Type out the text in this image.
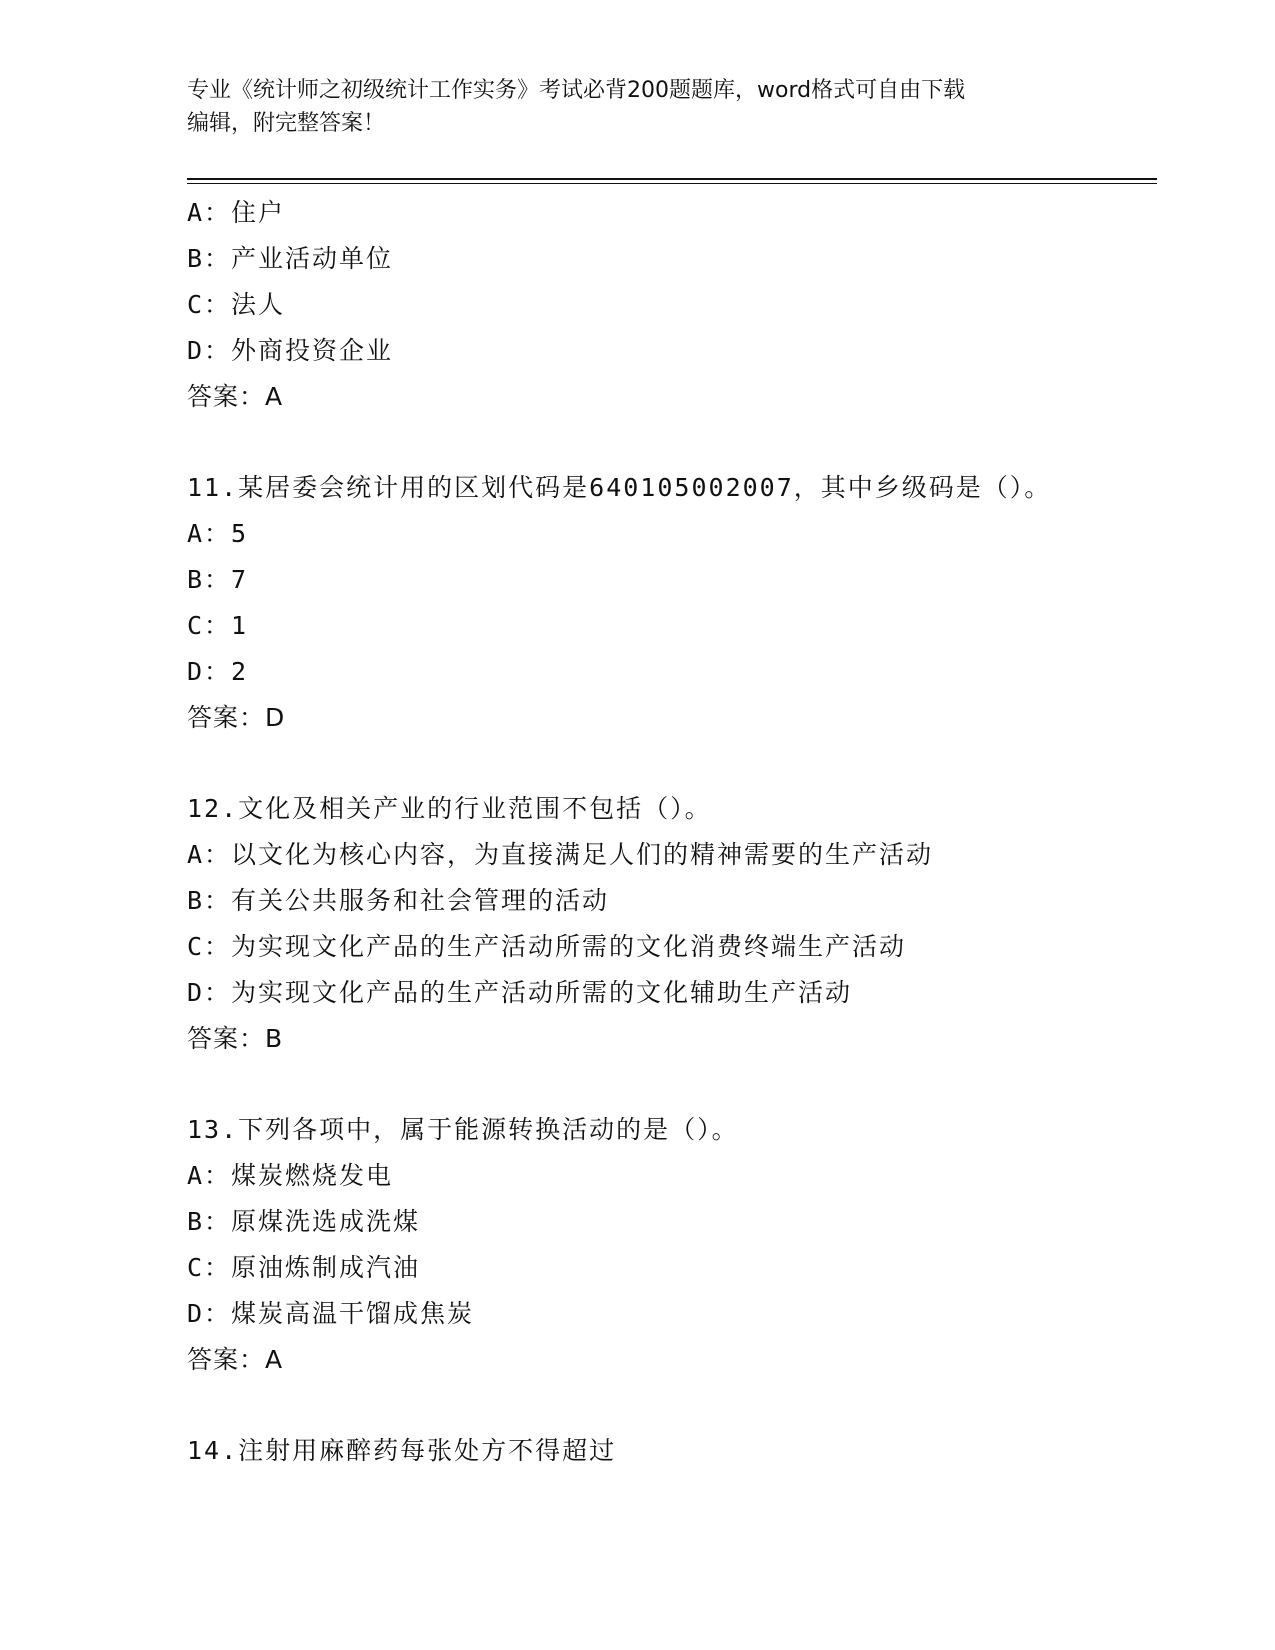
专业《统计师之初级统计工作实务》考试必背200题题库，word格式可自由下载
编辑，附完整答案！
A：住户
B：产业活动单位
C：法人
D：外商投资企业
答案：A
11.某居委会统计用的区划代码是640105002007，其中乡级码是（）。
A：5
B：7
C：1
D：2
答案：D
12.文化及相关产业的行业范围不包括（）。
A：以文化为核心内容，为直接满足人们的精神需要的生产活动
B：有关公共服务和社会管理的活动
C：为实现文化产品的生产活动所需的文化消费终端生产活动
D：为实现文化产品的生产活动所需的文化辅助生产活动
答案：B
13.下列各项中，属于能源转换活动的是（）。
A：煤炭燃烧发电
B：原煤洗选成洗煤
C：原油炼制成汽油
D：煤炭高温干馏成焦炭
答案：A
14.注射用麻醉药每张处方不得超过
